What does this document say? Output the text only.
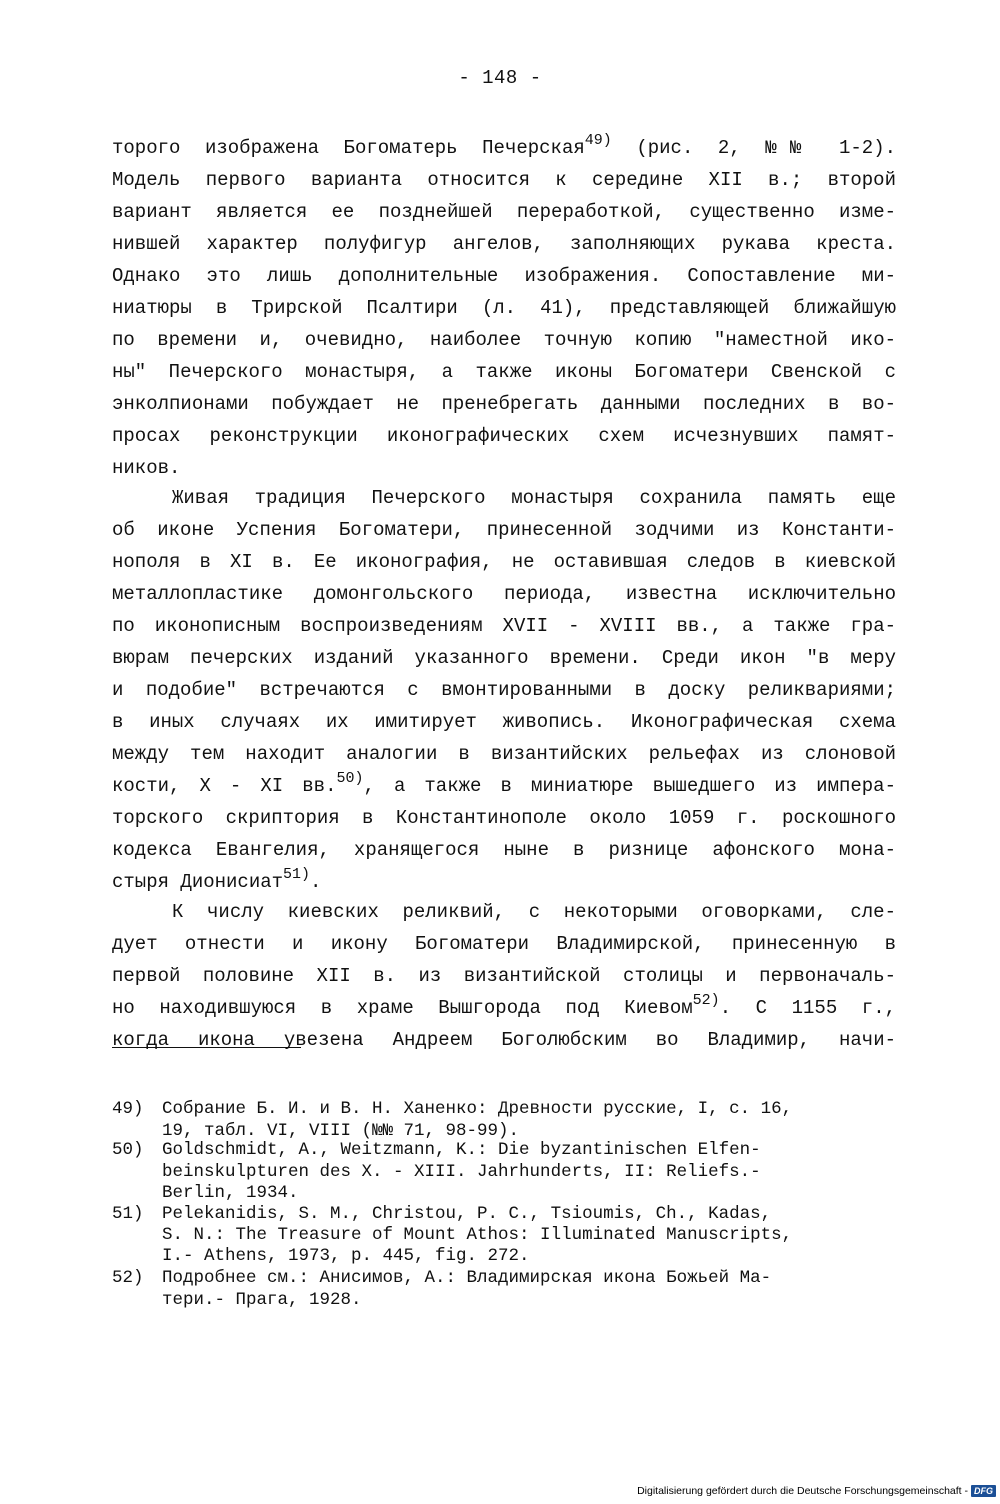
- 148 -
торого изображена Богоматерь Печерская$^{49)}$ (рис. 2, №№ 1-2).
Модель первого варианта относится к середине XII в.; второй
вариант является ее позднейшей переработкой, существенно изме-
нившей характер полуфигур ангелов, заполняющих рукава креста.
Однако это лишь дополнительные изображения. Сопоставление ми-
ниатюры в Трирской Псалтири (л. 41), представляющей ближайшую
по времени и, очевидно, наиболее точную копию "наместной ико-
ны" Печерского монастыря, а также иконы Богоматери Свенской с
энколпионами побуждает не пренебрегать данными последних в во-
просах реконструкции иконографических схем исчезнувших памят-
ников.
Живая традиция Печерского монастыря сохранила память еще
об иконе Успения Богоматери, принесенной зодчими из Константи-
нополя в XI в. Ее иконография, не оставившая следов в киевской
металлопластике домонгольского периода, известна исключительно
по иконописным воспроизведениям XVII - XVIII вв., а также гра-
вюрам печерских изданий указанного времени. Среди икон "в меру
и подобие" встречаются с вмонтированными в доску реликвариями;
в иных случаях их имитирует живопись. Иконографическая схема
между тем находит аналогии в византийских рельефах из слоновой
кости, X - XI вв.$^{50)}$, а также в миниатюре вышедшего из импера-
торского скриптория в Константинополе около 1059 г. роскошного
кодекса Евангелия, хранящегося ныне в ризнице афонского мона-
стыря Дионисиат$^{51)}$.
К числу киевских реликвий, с некоторыми оговорками, сле-
дует отнести и икону Богоматери Владимирской, принесенную в
первой половине XII в. из византийской столицы и первоначаль-
но находившуюся в храме Вышгорода под Киевом$^{52)}$. С 1155 г.,
когда икона увезена Андреем Боголюбским во Владимир, начи-
49) Собрание Б. И. и В. Н. Ханенко: Древности русские, I, с. 16,
19, табл. VI, VIII (№№ 71, 98-99).
50) Goldschmidt, A., Weitzmann, K.: Die byzantinischen Elfen-
beinskulpturen des X. - XIII. Jahrhunderts, II: Reliefs.-
Berlin, 1934.
51) Pelekanidis, S. M., Christou, P. C., Tsioumis, Ch., Kadas,
S. N.: The Treasure of Mount Athos: Illuminated Manuscripts,
I.- Athens, 1973, p. 445, fig. 272.
52) Подробнее см.: Анисимов, А.: Владимирская икона Божьей Ма-
тери.- Прага, 1928.
Digitalisierung gefördert durch die Deutsche Forschungsgemeinschaft - DFG
